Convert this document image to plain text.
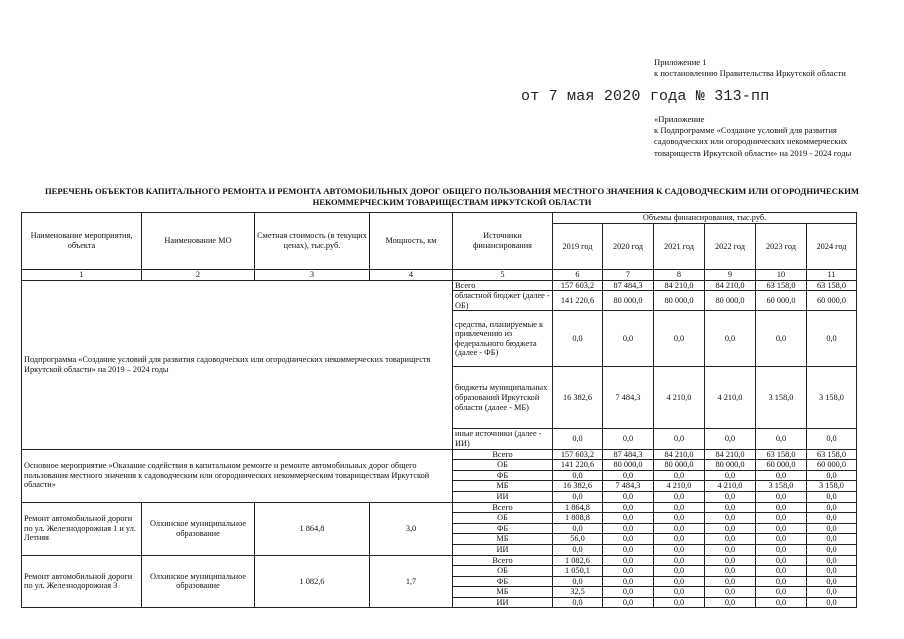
Приложение 1

к постановлению Правительства Иркутской области

от 7 мая 2020 года № 313-пп

«Приложение

к Подпрограмме «Создание условий для развития садоводческих или огороднических некоммерческих товариществ Иркутской области» на 2019 - 2024 годы

ПЕРЕЧЕНЬ ОБЪЕКТОВ КАПИТАЛЬНОГО РЕМОНТА И РЕМОНТА АВТОМОБИЛЬНЫХ ДОРОГ ОБЩЕГО ПОЛЬЗОВАНИЯ МЕСТНОГО ЗНАЧЕНИЯ К САДОВОДЧЕСКИМ ИЛИ ОГОРОДНИЧЕСКИМ НЕКОММЕРЧЕСКИМ ТОВАРИЩЕСТВАМ ИРКУТСКОЙ ОБЛАСТИ
Наименование мероприятия, объекта	Наименование МО	Сметная стоимость (в текущих ценах), тыс.руб.	Мощность, км	Источники финансирования	Объемы финансирования, тыс.руб.					
					2019 год	2020 год	2021 год	2022 год	2023 год	2024 год
1	2	3	4	5	6	7	8	9	10	11
Подпрограмма «Создание условий для развития садоводческих или огороднических некоммерческих товариществ Иркутской области» на 2019 – 2024 годы				Всего	157 603,2	87 484,3	84 210,0	84 210,0	63 158,0	63 158,0
				областной бюджет (далее - ОБ)	141 220,6	80 000,0	80 000,0	80 000,0	60 000,0	60 000,0
				средства, планируемые к привлечению из федерального бюджета (далее - ФБ)	0,0	0,0	0,0	0,0	0,0	0,0
				бюджеты муниципальных образований Иркутской области (далее - МБ)	16 382,6	7 484,3	4 210,0	4 210,0	3 158,0	3 158,0
				иные источники (далее - ИИ)	0,0	0,0	0,0	0,0	0,0	0,0
Основное мероприятие »Оказание содействия в капитальном ремонте и ремонте автомобильных дорог общего пользования местного значения к садоводческим или огороднических некоммерческим товариществам Иркутской области»				Всего	157 603,2	87 484,3	84 210,0	84 210,0	63 158,0	63 158,0
				ОБ	141 220,6	80 000,0	80 000,0	80 000,0	60 000,0	60 000,0
				ФБ	0,0	0,0	0,0	0,0	0,0	0,0
				МБ	16 382,6	7 484,3	4 210,0	4 210,0	3 158,0	3 158,0
				ИИ	0,0	0,0	0,0	0,0	0,0	0,0
Ремонт автомобильной дороги по ул. Железнодорожная 1 и ул. Летняя	Олхинское муниципальное образование	1 864,8	3,0	Всего	1 864,8	0,0	0,0	0,0	0,0	0,0
				ОБ	1 808,8	0,0	0,0	0,0	0,0	0,0
				ФБ	0,0	0,0	0,0	0,0	0,0	0,0
				МБ	56,0	0,0	0,0	0,0	0,0	0,0
				ИИ	0,0	0,0	0,0	0,0	0,0	0,0
Ремонт автомобильной дороги по ул. Железнодорожная 3	Олхинское муниципальное образование	1 082,6	1,7	Всего	1 082,6	0,0	0,0	0,0	0,0	0,0
				ОБ	1 050,1	0,0	0,0	0,0	0,0	0,0
				ФБ	0,0	0,0	0,0	0,0	0,0	0,0
				МБ	32,5	0,0	0,0	0,0	0,0	0,0
				ИИ	0,0	0,0	0,0	0,0	0,0	0,0
